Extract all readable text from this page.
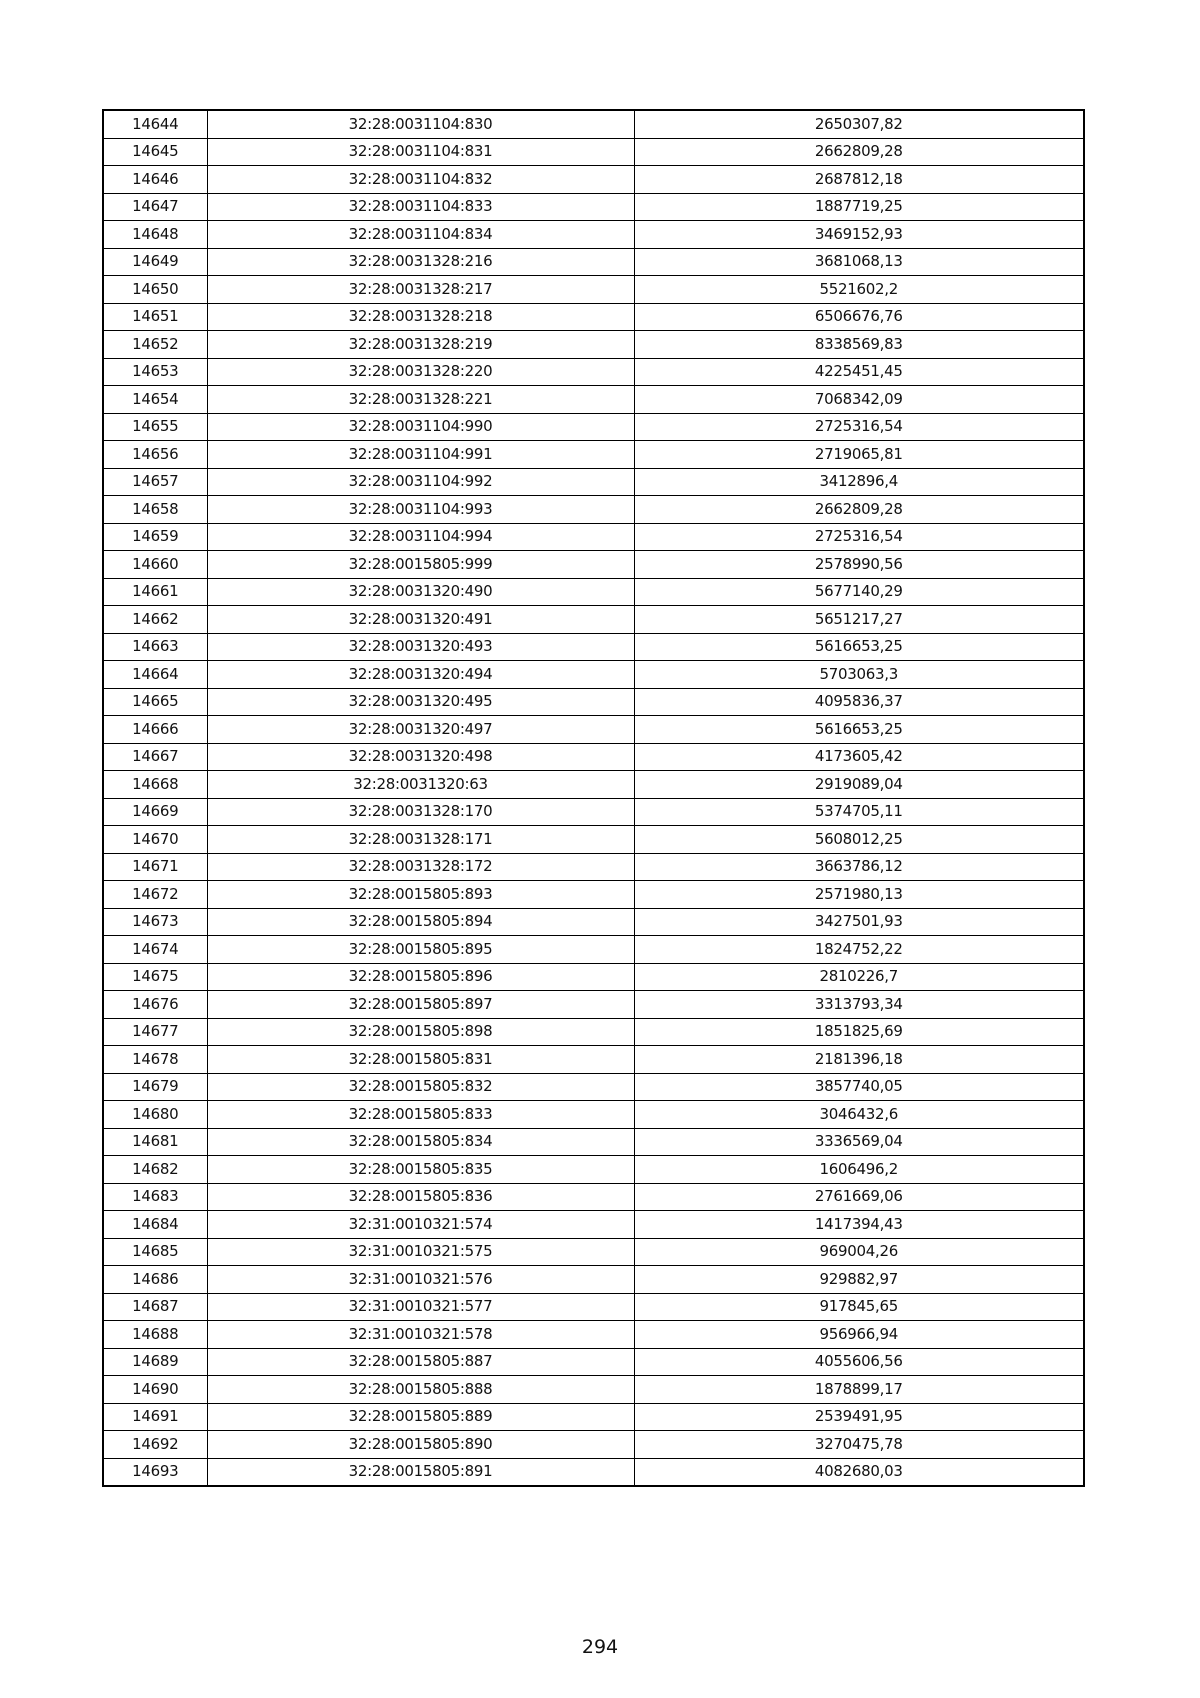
14644	32:28:0031104:830	2650307,82
14645	32:28:0031104:831	2662809,28
14646	32:28:0031104:832	2687812,18
14647	32:28:0031104:833	1887719,25
14648	32:28:0031104:834	3469152,93
14649	32:28:0031328:216	3681068,13
14650	32:28:0031328:217	5521602,2
14651	32:28:0031328:218	6506676,76
14652	32:28:0031328:219	8338569,83
14653	32:28:0031328:220	4225451,45
14654	32:28:0031328:221	7068342,09
14655	32:28:0031104:990	2725316,54
14656	32:28:0031104:991	2719065,81
14657	32:28:0031104:992	3412896,4
14658	32:28:0031104:993	2662809,28
14659	32:28:0031104:994	2725316,54
14660	32:28:0015805:999	2578990,56
14661	32:28:0031320:490	5677140,29
14662	32:28:0031320:491	5651217,27
14663	32:28:0031320:493	5616653,25
14664	32:28:0031320:494	5703063,3
14665	32:28:0031320:495	4095836,37
14666	32:28:0031320:497	5616653,25
14667	32:28:0031320:498	4173605,42
14668	32:28:0031320:63	2919089,04
14669	32:28:0031328:170	5374705,11
14670	32:28:0031328:171	5608012,25
14671	32:28:0031328:172	3663786,12
14672	32:28:0015805:893	2571980,13
14673	32:28:0015805:894	3427501,93
14674	32:28:0015805:895	1824752,22
14675	32:28:0015805:896	2810226,7
14676	32:28:0015805:897	3313793,34
14677	32:28:0015805:898	1851825,69
14678	32:28:0015805:831	2181396,18
14679	32:28:0015805:832	3857740,05
14680	32:28:0015805:833	3046432,6
14681	32:28:0015805:834	3336569,04
14682	32:28:0015805:835	1606496,2
14683	32:28:0015805:836	2761669,06
14684	32:31:0010321:574	1417394,43
14685	32:31:0010321:575	969004,26
14686	32:31:0010321:576	929882,97
14687	32:31:0010321:577	917845,65
14688	32:31:0010321:578	956966,94
14689	32:28:0015805:887	4055606,56
14690	32:28:0015805:888	1878899,17
14691	32:28:0015805:889	2539491,95
14692	32:28:0015805:890	3270475,78
14693	32:28:0015805:891	4082680,03
294
